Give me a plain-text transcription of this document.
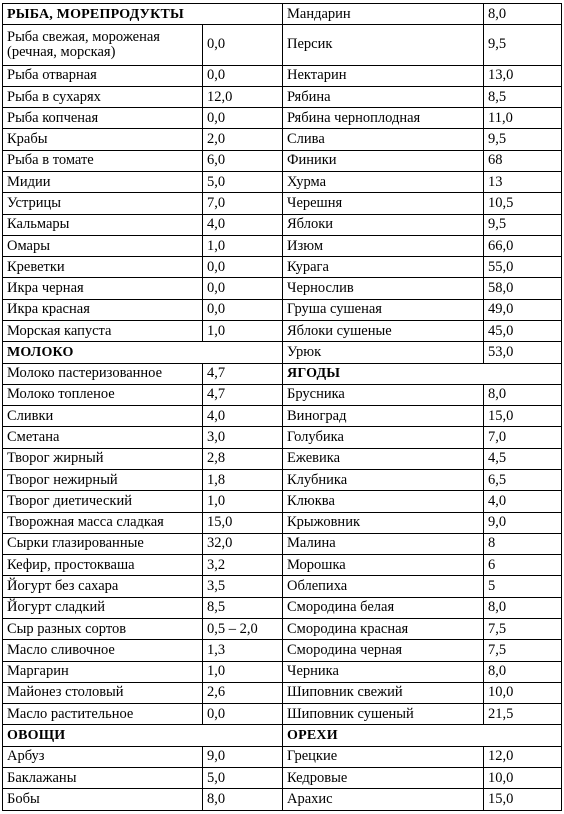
РЫБА, МОРЕПРОДУКТЫ	
Рыба свежая, мороженая (речная, морская)	0,0
Рыба отварная	0,0
Рыба в сухарях	12,0
Рыба копченая	0,0
Крабы	2,0
Рыба в томате	6,0
Мидии	5,0
Устрицы	7,0
Кальмары	4,0
Омары	1,0
Креветки	0,0
Икра черная	0,0
Икра красная	0,0
Морская капуста	1,0
МОЛОКО	
Молоко пастеризованное	4,7
Молоко топленое	4,7
Сливки	4,0
Сметана	3,0
Творог жирный	2,8
Творог нежирный	1,8
Творог диетический	1,0
Творожная масса сладкая	15,0
Сырки глазированные	32,0
Кефир, простокваша	3,2
Йогурт без сахара	3,5
Йогурт сладкий	8,5
Сыр разных сортов	0,5 – 2,0
Масло сливочное	1,3
Маргарин	1,0
Майонез столовый	2,6
Масло растительное	0,0
ОВОЩИ	
Арбуз	9,0
Баклажаны	5,0
Бобы	8,0
Мандарин	8,0
Персик	9,5
Нектарин	13,0
Рябина	8,5
Рябина черноплодная	11,0
Слива	9,5
Финики	68
Хурма	13
Черешня	10,5
Яблоки	9,5
Изюм	66,0
Курага	55,0
Чернослив	58,0
Груша сушеная	49,0
Яблоки сушеные	45,0
Урюк	53,0
ЯГОДЫ	
Брусника	8,0
Виноград	15,0
Голубика	7,0
Ежевика	4,5
Клубника	6,5
Клюква	4,0
Крыжовник	9,0
Малина	8
Морошка	6
Облепиха	5
Смородина белая	8,0
Смородина красная	7,5
Смородина черная	7,5
Черника	8,0
Шиповник свежий	10,0
Шиповник сушеный	21,5
ОРЕХИ	
Грецкие	12,0
Кедровые	10,0
Арахис	15,0
